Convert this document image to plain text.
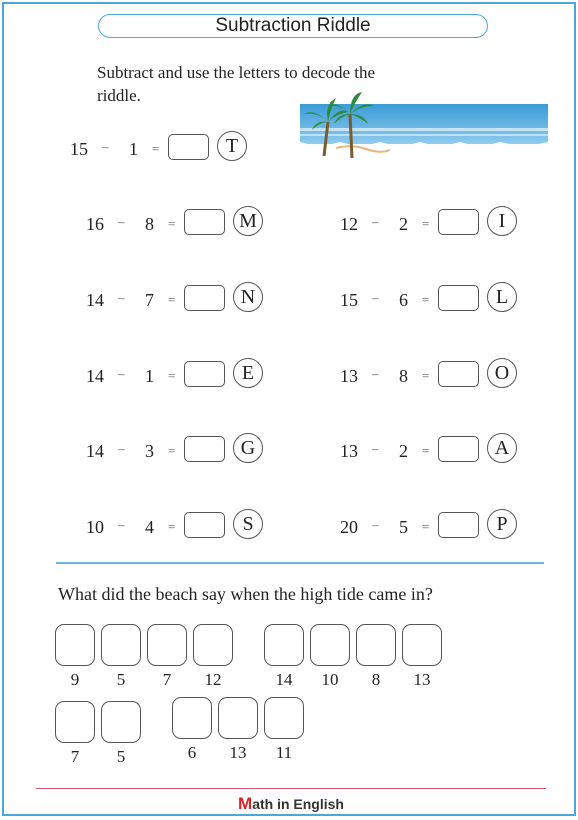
Subtraction Riddle
Subtract and use the letters to decode the riddle.
15 – 1 =	T
16 – 8 =	M	12 – 2 =	I
14 – 7 =	N	15 – 6 =	L
14 – 1 =	E	13 – 8 =	O
14 – 3 =	G	13 – 2 =	A
10 – 4 =	S	20 – 5 =	P
What did the beach say when the high tide came in?
9	5	7	12	14	10	8	13
7	5	6	13	11
Math in English
